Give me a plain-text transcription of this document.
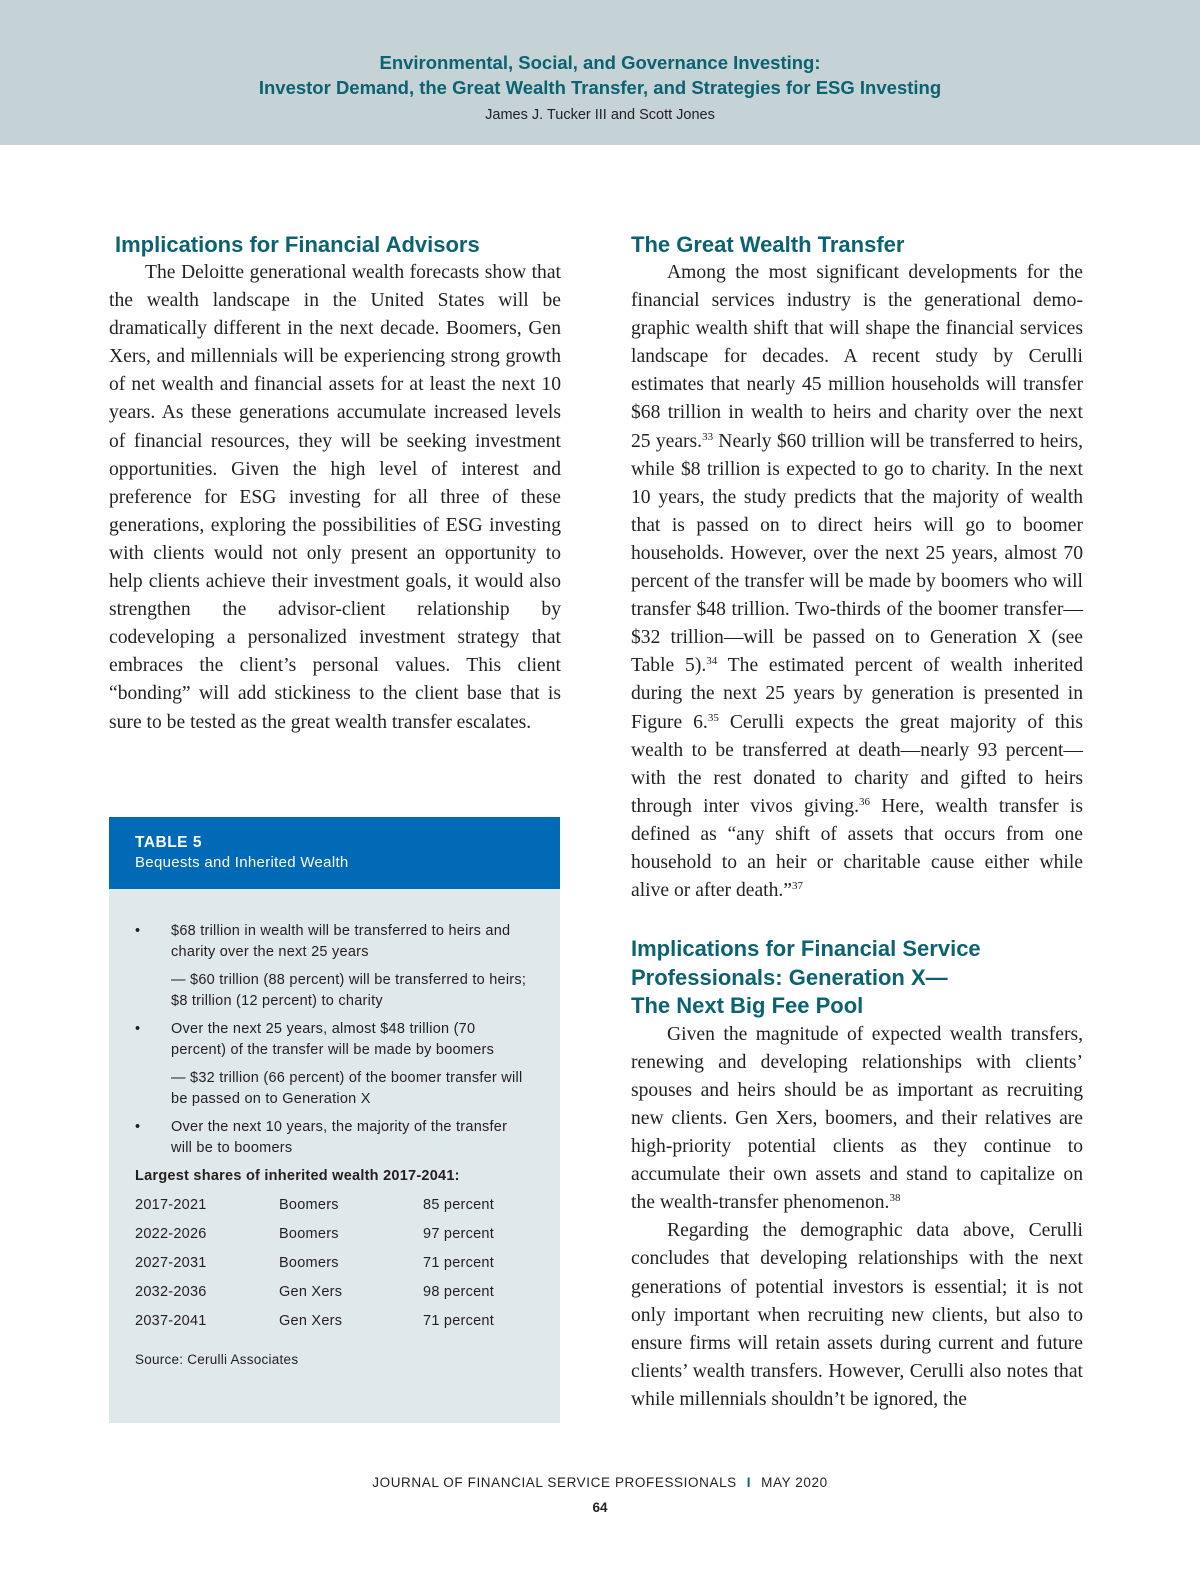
Environmental, Social, and Governance Investing:
Investor Demand, the Great Wealth Transfer, and Strategies for ESG Investing
James J. Tucker III and Scott Jones
Implications for Financial Advisors

The Deloitte generational wealth forecasts show that the wealth landscape in the United States will be dramatically different in the next decade. Boomers, Gen Xers, and millennials will be experiencing strong growth of net wealth and financial assets for at least the next 10 years. As these generations accumulate increased levels of financial resources, they will be seeking investment opportunities. Given the high level of interest and preference for ESG investing for all three of these generations, exploring the possibilities of ESG investing with clients would not only present an opportunity to help clients achieve their investment goals, it would also strengthen the advisor-client relationship by codeveloping a personalized investment strategy that embraces the client’s personal values. This client “bonding” will add stickiness to the client base that is sure to be tested as the great wealth transfer escalates.

TABLE 5
Bequests and Inherited Wealth
• $68 trillion in wealth will be transferred to heirs and charity over the next 25 years
— $60 trillion (88 percent) will be transferred to heirs; $8 trillion (12 percent) to charity
• Over the next 25 years, almost $48 trillion (70 percent) of the transfer will be made by boomers
— $32 trillion (66 percent) of the boomer transfer will be passed on to Generation X
• Over the next 10 years, the majority of the transfer will be to boomers
Largest shares of inherited wealth 2017-2041:
2017-2021	Boomers	85 percent
2022-2026	Boomers	97 percent
2027-2031	Boomers	71 percent
2032-2036	Gen Xers	98 percent
2037-2041	Gen Xers	71 percent
Source: Cerulli Associates
The Great Wealth Transfer

Among the most significant developments for the financial services industry is the generational demographic wealth shift that will shape the financial services landscape for decades. A recent study by Cerulli estimates that nearly 45 million households will transfer $68 trillion in wealth to heirs and charity over the next 25 years.$^{33}$ Nearly $60 trillion will be transferred to heirs, while $8 trillion is expected to go to charity. In the next 10 years, the study predicts that the majority of wealth that is passed on to direct heirs will go to boomer households. However, over the next 25 years, almost 70 percent of the transfer will be made by boomers who will transfer $48 trillion. Two-thirds of the boomer transfer—$32 trillion—will be passed on to Generation X (see Table 5).$^{34}$ The estimated percent of wealth inherited during the next 25 years by generation is presented in Figure 6.35 Cerulli expects the great majority of this wealth to be transferred at death—nearly 93 percent—with the rest donated to charity and gifted to heirs through inter vivos giving.$^{36}$ Here, wealth transfer is defined as “any shift of assets that occurs from one household to an heir or charitable cause either while alive or after death.”$^{37}$

Implications for Financial Service
Professionals: Generation X—
The Next Big Fee Pool

Given the magnitude of expected wealth transfers, renewing and developing relationships with clients’ spouses and heirs should be as important as recruiting new clients. Gen Xers, boomers, and their relatives are high-priority potential clients as they continue to accumulate their own assets and stand to capitalize on the wealth-transfer phenomenon.$^{38}$

Regarding the demographic data above, Cerulli concludes that developing relationships with the next generations of potential investors is essential; it is not only important when recruiting new clients, but also to ensure firms will retain assets during current and future clients’ wealth transfers. However, Cerulli also notes that while millennials shouldn’t be ignored, the

JOURNAL OF FINANCIAL SERVICE PROFESSIONALS I MAY 2020
64
